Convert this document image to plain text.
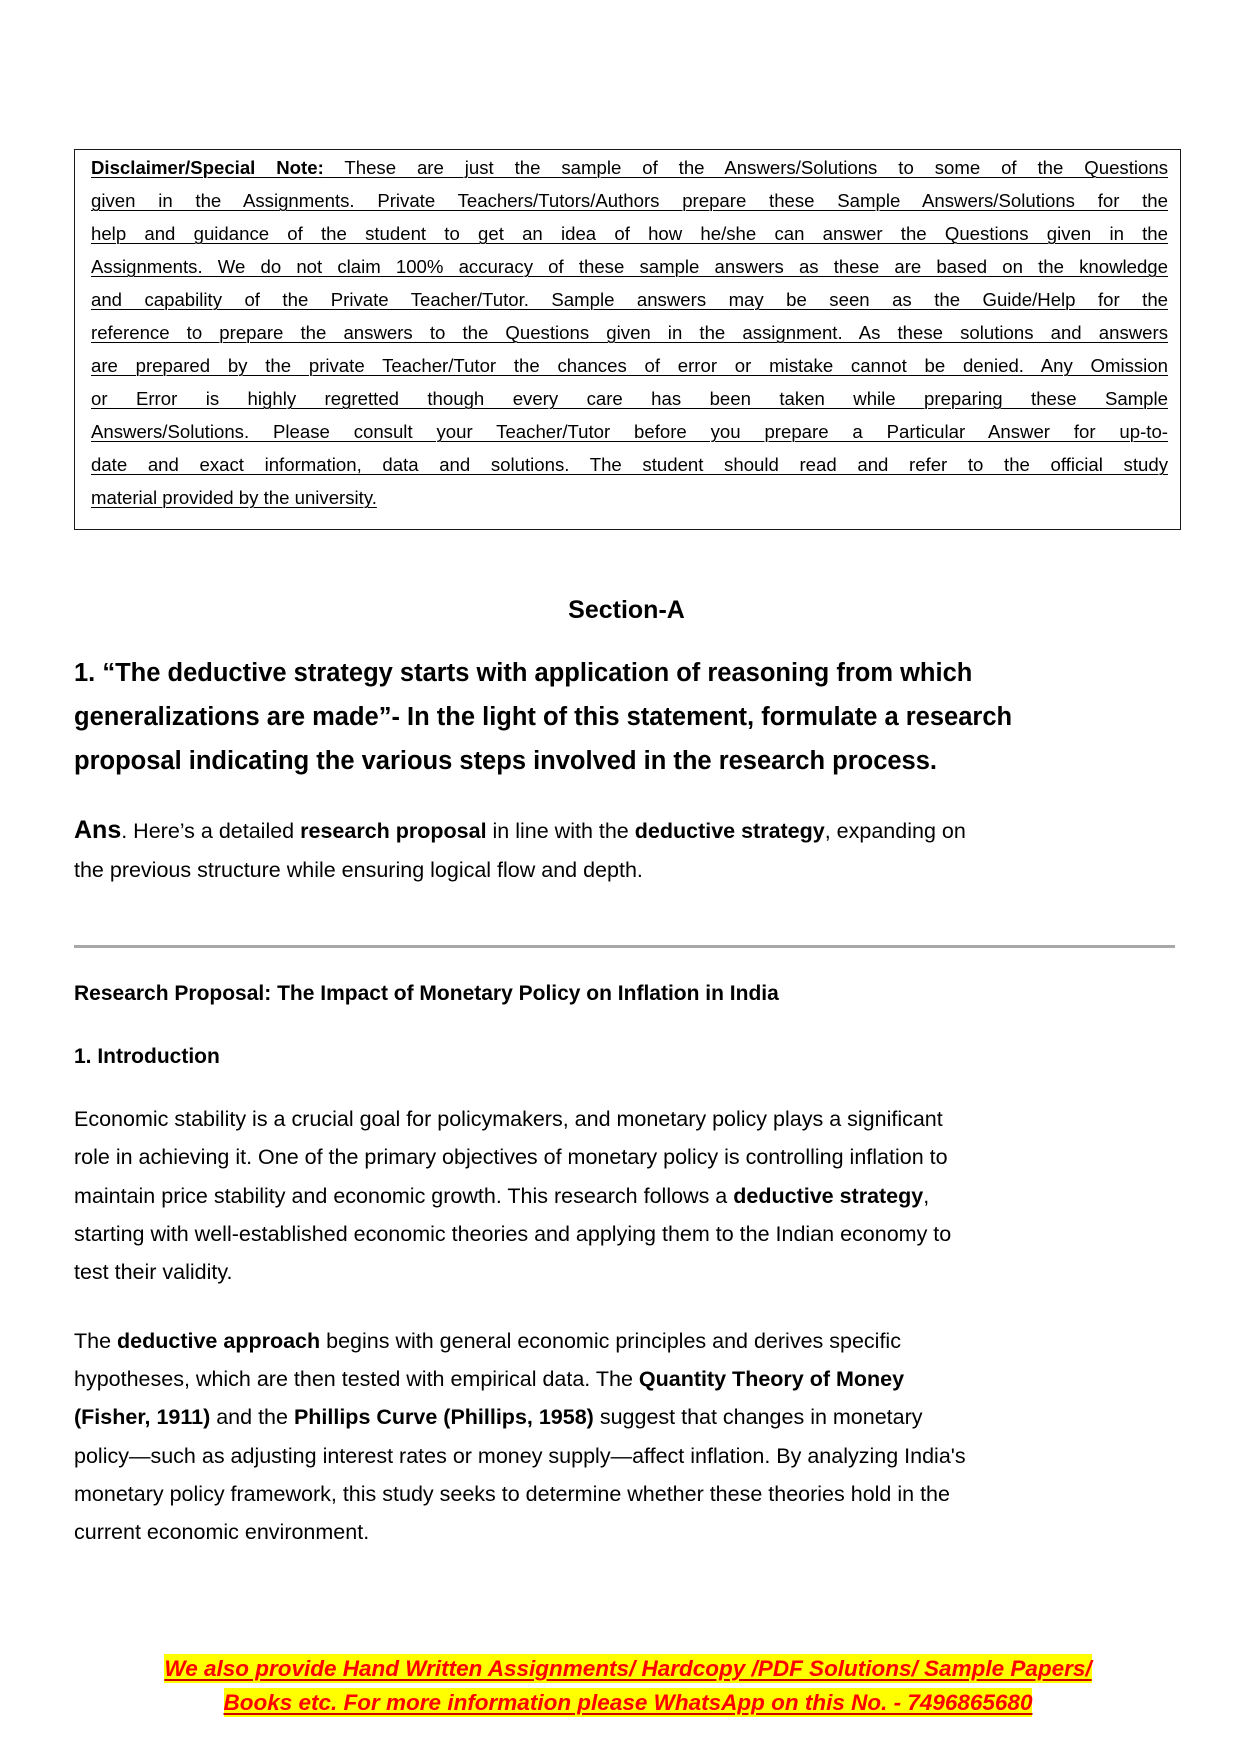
Disclaimer/Special Note: These are just the sample of the Answers/Solutions to some of the Questions
given in the Assignments. Private Teachers/Tutors/Authors prepare these Sample Answers/Solutions for the
help and guidance of the student to get an idea of how he/she can answer the Questions given in the
Assignments. We do not claim 100% accuracy of these sample answers as these are based on the knowledge
and capability of the Private Teacher/Tutor. Sample answers may be seen as the Guide/Help for the
reference to prepare the answers to the Questions given in the assignment. As these solutions and answers
are prepared by the private Teacher/Tutor the chances of error or mistake cannot be denied. Any Omission
or Error is highly regretted though every care has been taken while preparing these Sample
Answers/Solutions. Please consult your Teacher/Tutor before you prepare a Particular Answer for up-to-
date and exact information, data and solutions. The student should read and refer to the official study
material provided by the university.
Section-A
1. “The deductive strategy starts with application of reasoning from which
generalizations are made”- In the light of this statement, formulate a research
proposal indicating the various steps involved in the research process.
Ans. Here’s a detailed research proposal in line with the deductive strategy, expanding on
the previous structure while ensuring logical flow and depth.
Research Proposal: The Impact of Monetary Policy on Inflation in India
1. Introduction
Economic stability is a crucial goal for policymakers, and monetary policy plays a significant
role in achieving it. One of the primary objectives of monetary policy is controlling inflation to
maintain price stability and economic growth. This research follows a deductive strategy,
starting with well-established economic theories and applying them to the Indian economy to
test their validity.
The deductive approach begins with general economic principles and derives specific
hypotheses, which are then tested with empirical data. The Quantity Theory of Money
(Fisher, 1911) and the Phillips Curve (Phillips, 1958) suggest that changes in monetary
policy—such as adjusting interest rates or money supply—affect inflation. By analyzing India's
monetary policy framework, this study seeks to determine whether these theories hold in the
current economic environment.
We also provide Hand Written Assignments/ Hardcopy /PDF Solutions/ Sample Papers/
Books etc. For more information please WhatsApp on this No. - 7496865680
